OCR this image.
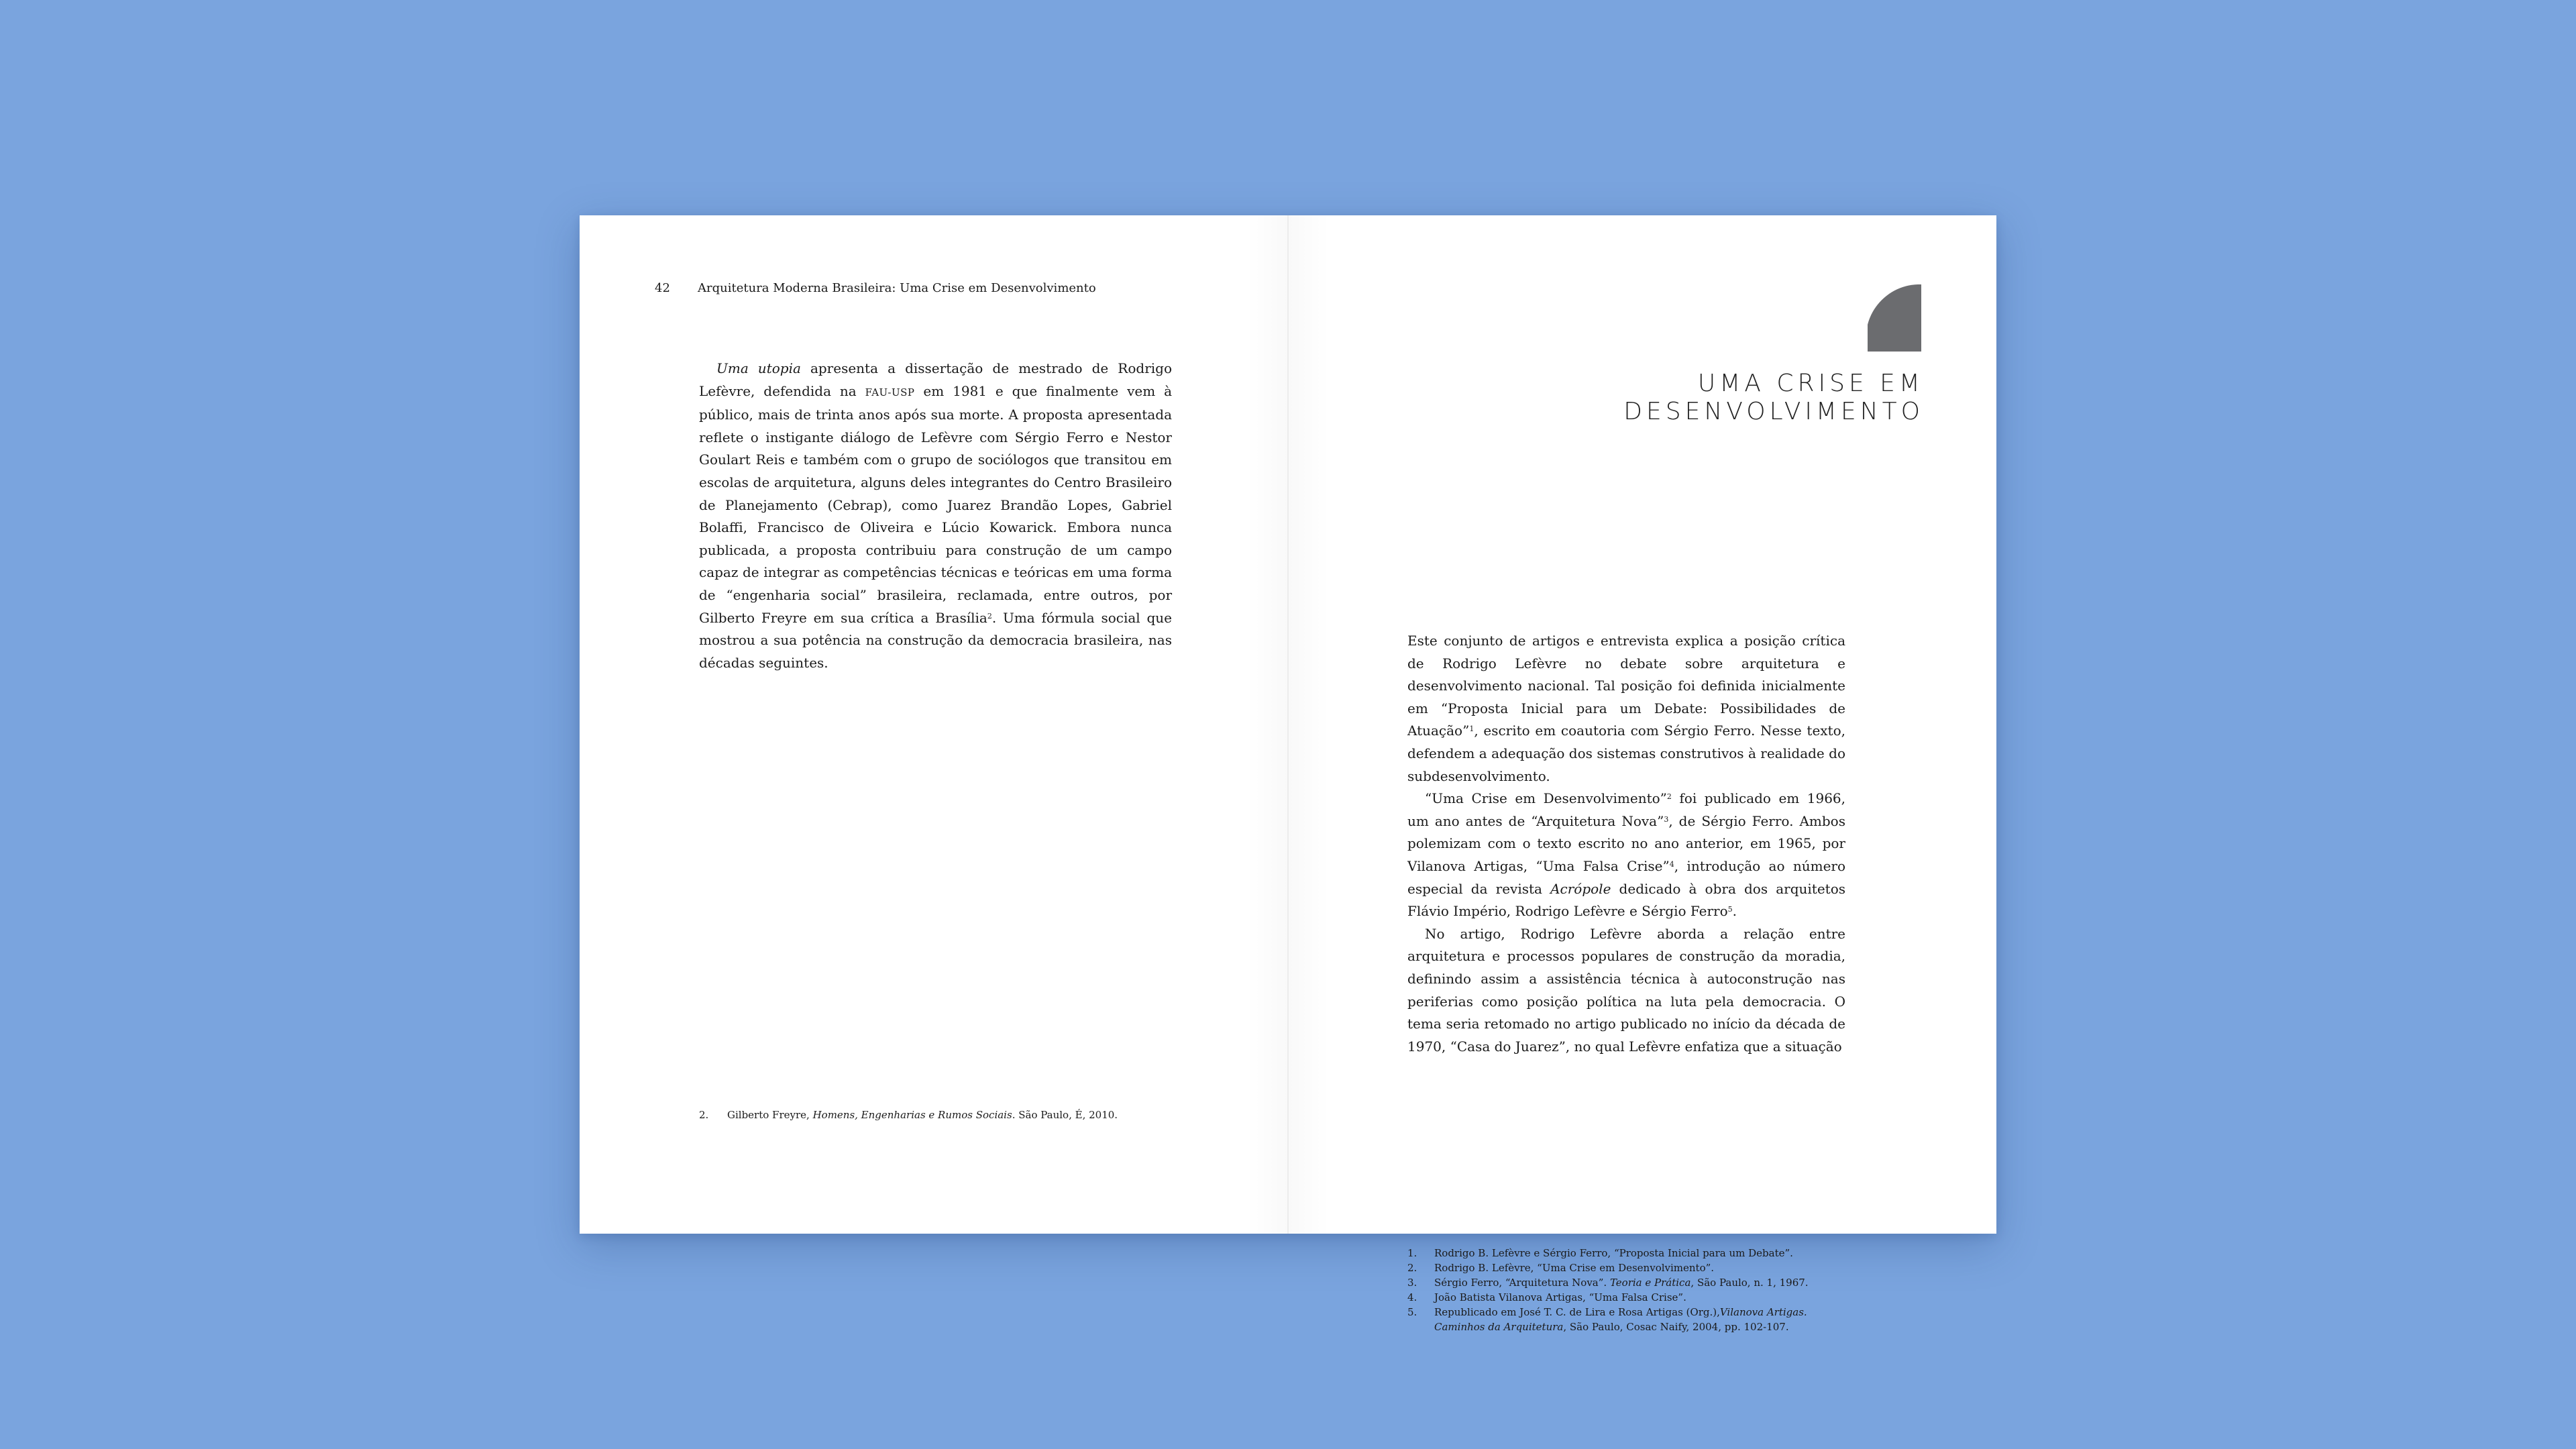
42 Arquitetura Moderna Brasileira: Uma Crise em Desenvolvimento

Uma utopia apresenta a dissertação de mestrado de Rodrigo Lefèvre, defendida na FAU-USP em 1981 e que finalmente vem à público, mais de trinta anos após sua morte. A proposta apresentada reflete o instigante diálogo de Lefèvre com Sérgio Ferro e Nestor Goulart Reis e também com o grupo de sociólogos que transitou em escolas de arquitetura, alguns deles integrantes do Centro Brasileiro de Planejamento (Cebrap), como Juarez Brandão Lopes, Gabriel Bolaffi, Francisco de Oliveira e Lúcio Kowarick. Embora nunca publicada, a proposta contribuiu para construção de um campo capaz de integrar as competências técnicas e teóricas em uma forma de “engenharia social” brasileira, reclamada, entre outros, por Gilberto Freyre em sua crítica a Brasília$^2$. Uma fórmula social que mostrou a sua potência na construção da democracia brasileira, nas décadas seguintes.

2. Gilberto Freyre, Homens, Engenharias e Rumos Sociais. São Paulo, É, 2010.
UMA CRISE EM
DESENVOLVIMENTO

Este conjunto de artigos e entrevista explica a posição crítica de Rodrigo Lefèvre no debate sobre arquitetura e desenvolvimento nacional. Tal posição foi definida inicialmente em “Proposta Inicial para um Debate: Possibilidades de Atuação”$^1$, escrito em coautoria com Sérgio Ferro. Nesse texto, defendem a adequação dos sistemas construtivos à realidade do subdesenvolvimento.

“Uma Crise em Desenvolvimento”$^2$ foi publicado em 1966, um ano antes de “Arquitetura Nova”$^3$, de Sérgio Ferro. Ambos polemizam com o texto escrito no ano anterior, em 1965, por Vilanova Artigas, “Uma Falsa Crise”$^4$, introdução ao número especial da revista Acrópole dedicado à obra dos arquitetos Flávio Império, Rodrigo Lefèvre e Sérgio Ferro$^5$.

No artigo, Rodrigo Lefèvre aborda a relação entre arquitetura e processos populares de construção da moradia, definindo assim a assistência técnica à autoconstrução nas periferias como posição política na luta pela democracia. O tema seria retomado no artigo publicado no início da década de 1970, “Casa do Juarez”, no qual Lefèvre enfatiza que a situação

1.	Rodrigo B. Lefèvre e Sérgio Ferro, “Proposta Inicial para um Debate”.
2.	Rodrigo B. Lefèvre, “Uma Crise em Desenvolvimento”.
3.	Sérgio Ferro, “Arquitetura Nova”. Teoria e Prática, São Paulo, n. 1, 1967.
4.	João Batista Vilanova Artigas, “Uma Falsa Crise”.
5.	Republicado em José T. C. de Lira e Rosa Artigas (Org.),Vilanova Artigas. Caminhos da Arquitetura, São Paulo, Cosac Naify, 2004, pp. 102-107.
